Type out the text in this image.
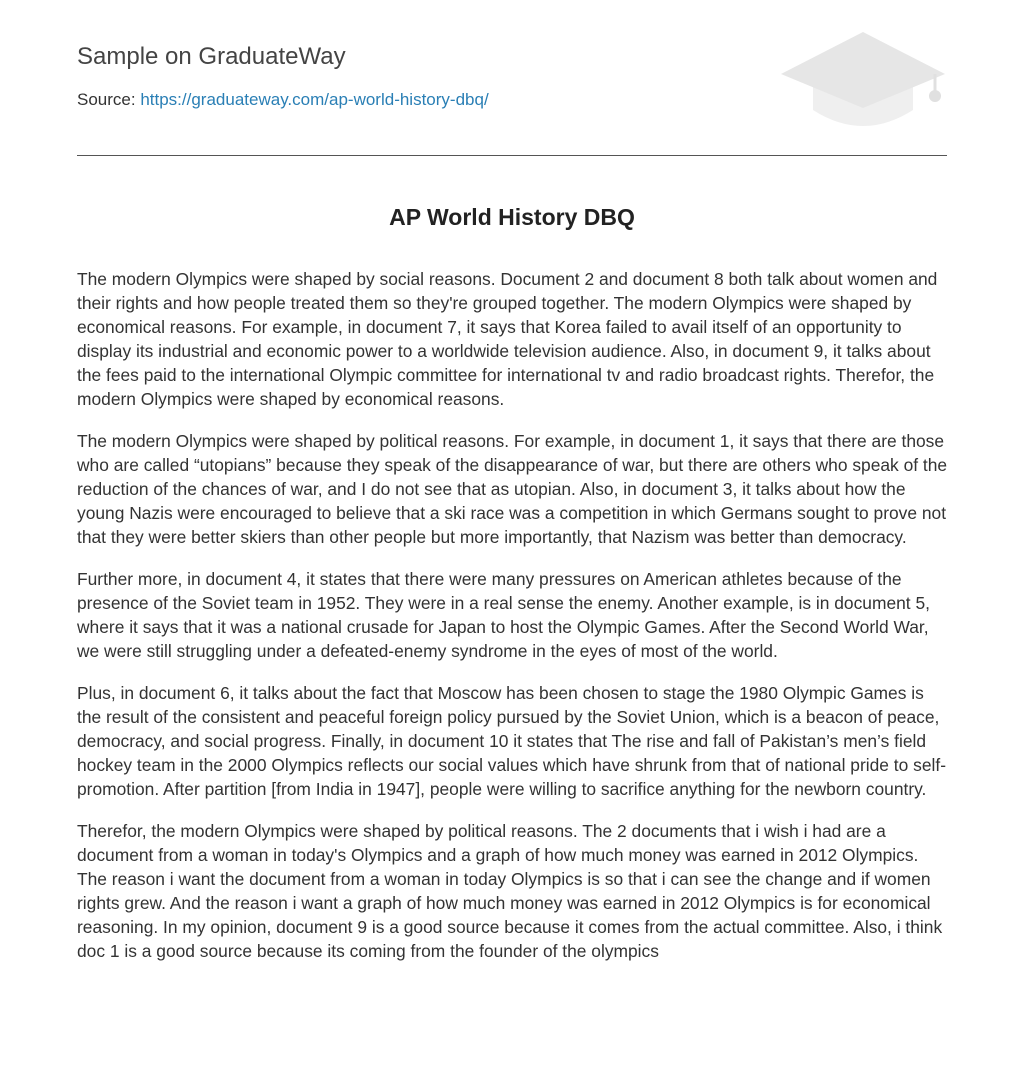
Sample on GraduateWay
Source: https://graduateway.com/ap-world-history-dbq/
AP World History DBQ

The modern Olympics were shaped by social reasons. Document 2 and document 8 both talk about women and their rights and how people treated them so they're grouped together. The modern Olympics were shaped by economical reasons. For example, in document 7, it says that Korea failed to avail itself of an opportunity to display its industrial and economic power to a worldwide television audience. Also, in document 9, it talks about the fees paid to the international Olympic committee for international tv and radio broadcast rights. Therefor, the modern Olympics were shaped by economical reasons.

The modern Olympics were shaped by political reasons. For example, in document 1, it says that there are those who are called “utopians” because they speak of the disappearance of war, but there are others who speak of the reduction of the chances of war, and I do not see that as utopian. Also, in document 3, it talks about how the young Nazis were encouraged to believe that a ski race was a competition in which Germans sought to prove not that they were better skiers than other people but more importantly, that Nazism was better than democracy.

Further more, in document 4, it states that there were many pressures on American athletes because of the presence of the Soviet team in 1952. They were in a real sense the enemy. Another example, is in document 5, where it says that it was a national crusade for Japan to host the Olympic Games. After the Second World War, we were still struggling under a defeated-enemy syndrome in the eyes of most of the world.

Plus, in document 6, it talks about the fact that Moscow has been chosen to stage the 1980 Olympic Games is the result of the consistent and peaceful foreign policy pursued by the Soviet Union, which is a beacon of peace, democracy, and social progress. Finally, in document 10 it states that The rise and fall of Pakistan’s men’s field hockey team in the 2000 Olympics reflects our social values which have shrunk from that of national pride to self-promotion. After partition [from India in 1947], people were willing to sacrifice anything for the newborn country.

Therefor, the modern Olympics were shaped by political reasons. The 2 documents that i wish i had are a document from a woman in today's Olympics and a graph of how much money was earned in 2012 Olympics. The reason i want the document from a woman in today Olympics is so that i can see the change and if women rights grew. And the reason i want a graph of how much money was earned in 2012 Olympics is for economical reasoning. In my opinion, document 9 is a good source because it comes from the actual committee. Also, i think doc 1 is a good source because its coming from the founder of the olympics
